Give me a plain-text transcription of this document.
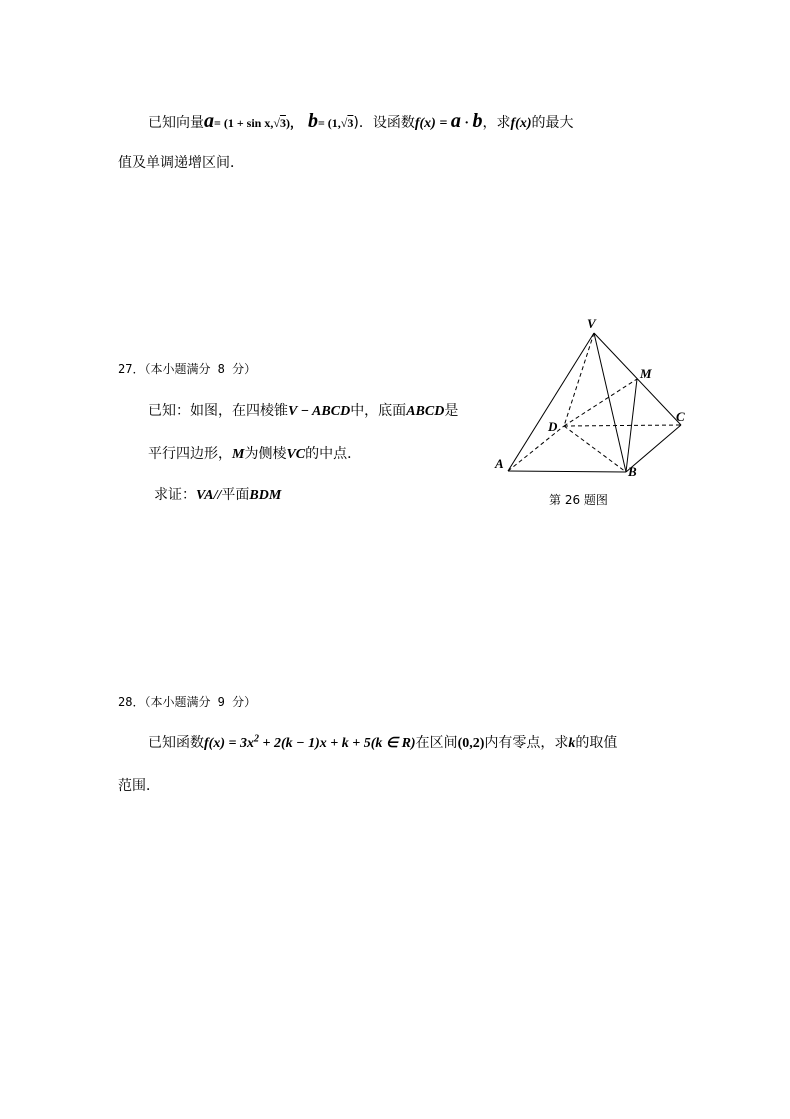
已知向量a= (1 + sin x,√3)， b= (1,√3)．设函数f(x) = a · b，求f(x)的最大
值及单调递增区间．
27．（本小题满分 8 分）
已知：如图，在四棱锥V − ABCD中，底面ABCD是
平行四边形，M为侧棱VC的中点．
求证：VA//平面BDM
V
M
C
D
A
B
第 26 题图
28．（本小题满分 9 分）
已知函数$f(x) = 3x^2 + 2(k - 1)x + k + 5(k$ ∈ R)在区间(0,2)内有零点，求k的取值
范围．
